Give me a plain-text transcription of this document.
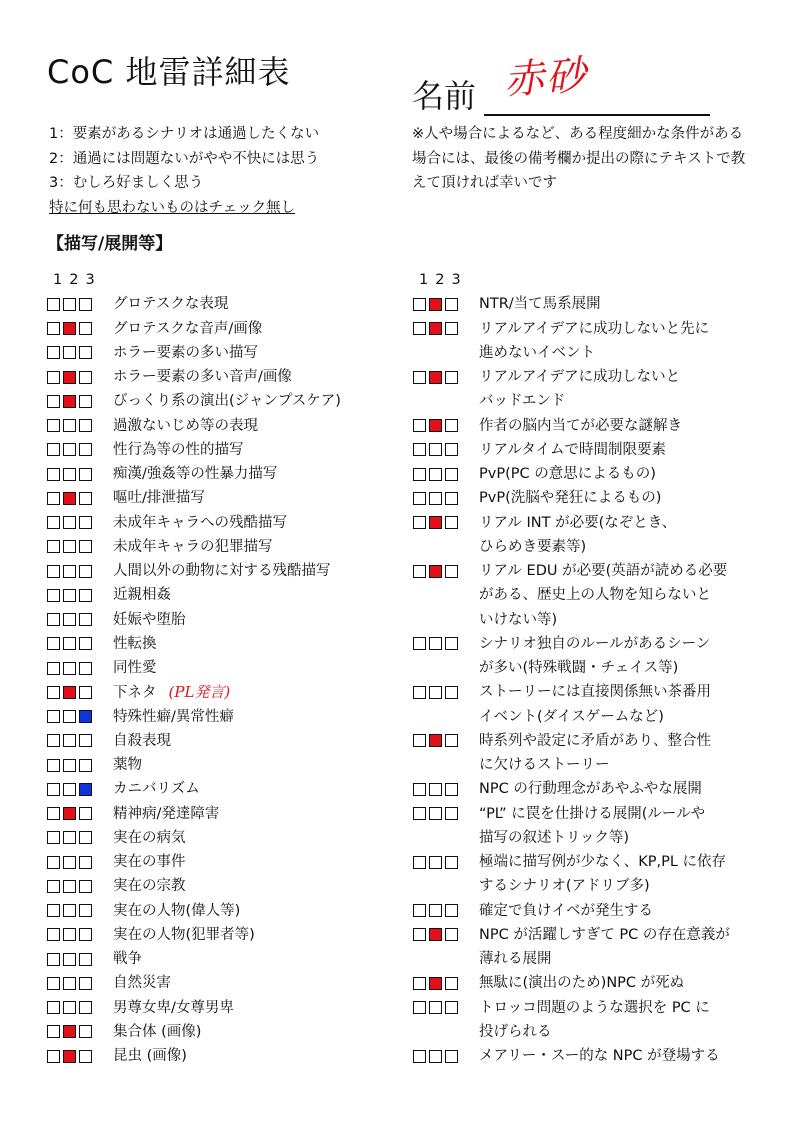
CoC 地雷詳細表
名前 赤砂
1：要素があるシナリオは通過したくない
2：通過には問題ないがやや不快には思う
3：むしろ好ましく思う
特に何も思わないものはチェック無し
※人や場合によるなど、ある程度細かな条件がある
場合には、最後の備考欄か提出の際にテキストで教
えて頂ければ幸いです
【描写/展開等】
123
グロテスクな表現
グロテスクな音声/画像
ホラー要素の多い描写
ホラー要素の多い音声/画像
びっくり系の演出(ジャンプスケア)
過激ないじめ等の表現
性行為等の性的描写
痴漢/強姦等の性暴力描写
嘔吐/排泄描写
未成年キャラへの残酷描写
未成年キャラの犯罪描写
人間以外の動物に対する残酷描写
近親相姦
妊娠や堕胎
性転換
同性愛
下ネタ (PL発言)
特殊性癖/異常性癖
自殺表現
薬物
カニバリズム
精神病/発達障害
実在の病気
実在の事件
実在の宗教
実在の人物(偉人等)
実在の人物(犯罪者等)
戦争
自然災害
男尊女卑/女尊男卑
集合体 (画像)
昆虫 (画像)
123
NTR/当て馬系展開
リアルアイデアに成功しないと先に
進めないイベント
リアルアイデアに成功しないと
バッドエンド
作者の脳内当てが必要な謎解き
リアルタイムで時間制限要素
PvP(PC の意思によるもの)
PvP(洗脳や発狂によるもの)
リアル INT が必要(なぞとき、
ひらめき要素等)
リアル EDU が必要(英語が読める必要
がある、歴史上の人物を知らないと
いけない等)
シナリオ独自のルールがあるシーン
が多い(特殊戦闘・チェイス等)
ストーリーには直接関係無い茶番用
イベント(ダイスゲームなど)
時系列や設定に矛盾があり、整合性
に欠けるストーリー
NPC の行動理念があやふやな展開
“PL” に罠を仕掛ける展開(ルールや
描写の叙述トリック等)
極端に描写例が少なく、KP,PL に依存
するシナリオ(アドリブ多)
確定で負けイベが発生する
NPC が活躍しすぎて PC の存在意義が
薄れる展開
無駄に(演出のため)NPC が死ぬ
トロッコ問題のような選択を PC に
投げられる
メアリー・スー的な NPC が登場する
